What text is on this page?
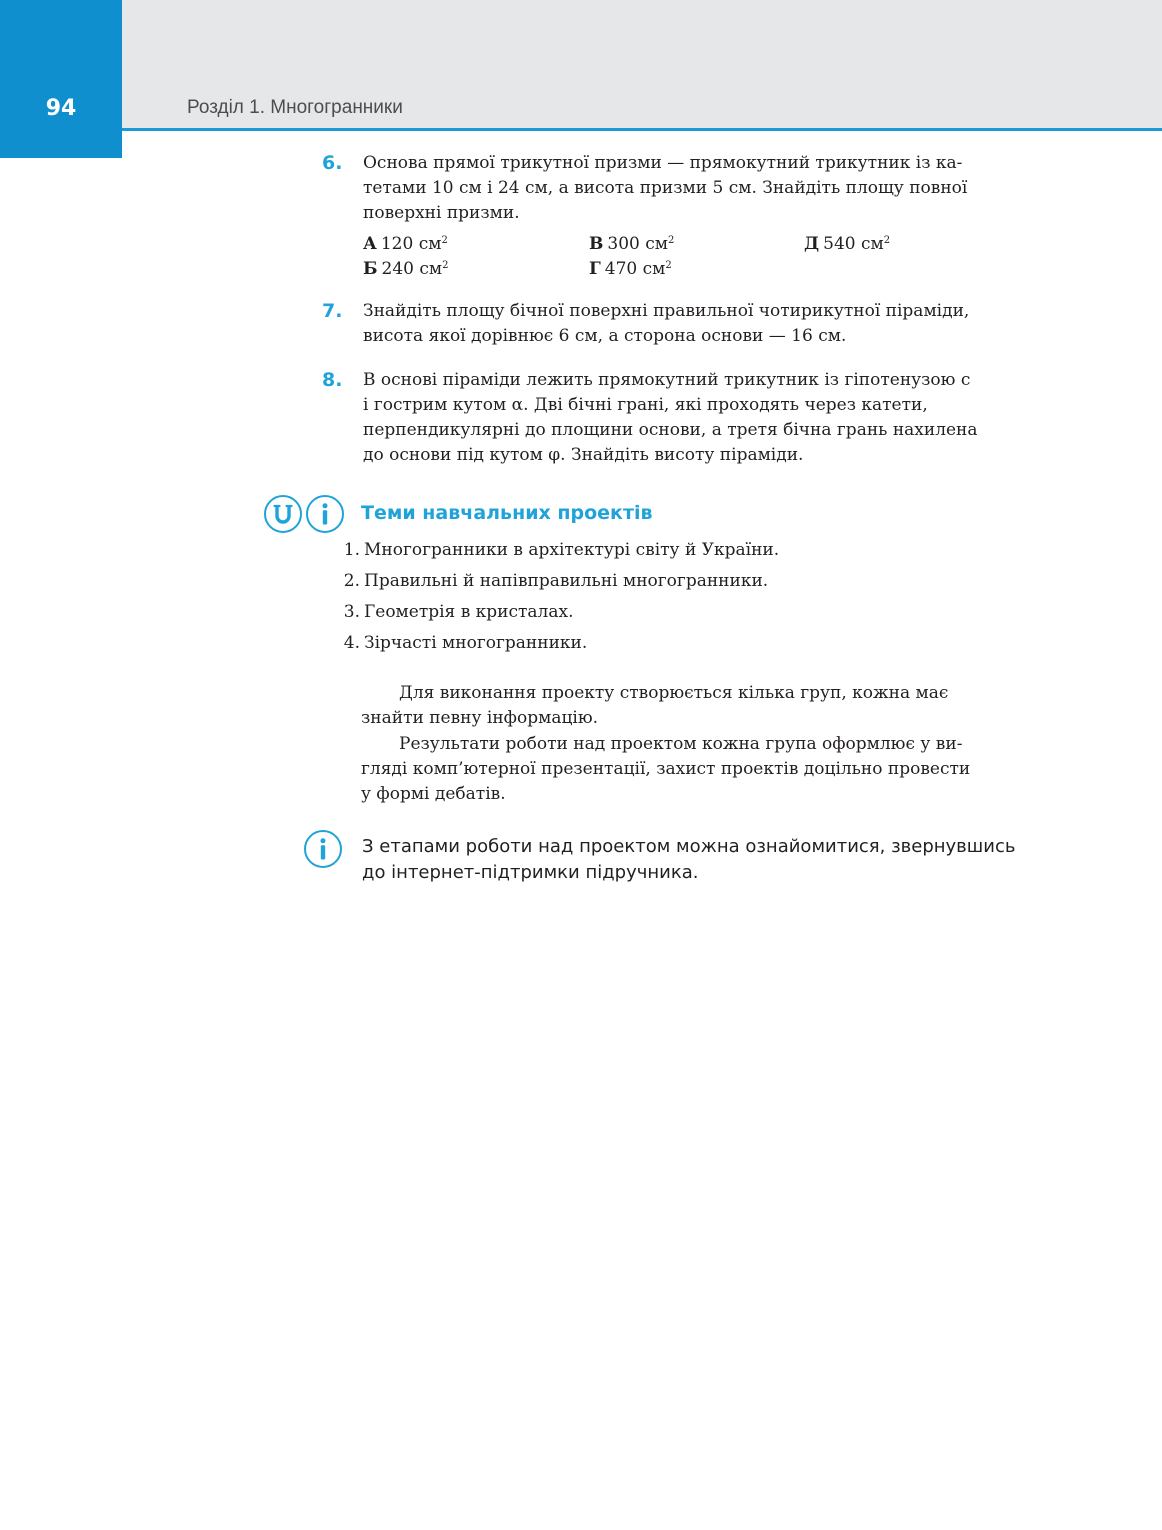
94	Розділ 1. Многогранники
6.	Основа прямої трикутної призми — прямокутний трикутник із ка-
тетами 10 см і 24 см, а висота призми 5 см. Знайдіть площу повної
поверхні призми.
А 120 $см^2$
Б 240 $см^2$
В 300 $см^2$
Г 470 $см^2$
Д 540 $см^2$
7.	Знайдіть площу бічної поверхні правильної чотирикутної піраміди,
висота якої дорівнює 6 см, а сторона основи — 16 см.
8.	В основі піраміди лежить прямокутний трикутник із гіпотенузою c
і гострим кутом α. Дві бічні грані, які проходять через катети,
перпендикулярні до площини основи, а третя бічна грань нахилена
до основи під кутом φ. Знайдіть висоту піраміди.
Теми навчальних проектів
1. Многогранники в архітектурі світу й України.
2. Правильні й напівправильні многогранники.
3. Геометрія в кристалах.
4. Зірчасті многогранники.
Для виконання проекту створюється кілька груп, кожна має
знайти певну інформацію.
Результати роботи над проектом кожна група оформлює у ви-
гляді комп’ютерної презентації, захист проектів доцільно провести
у формі дебатів.
З етапами роботи над проектом можна ознайомитися, звернувшись
до інтернет-підтримки підручника.
